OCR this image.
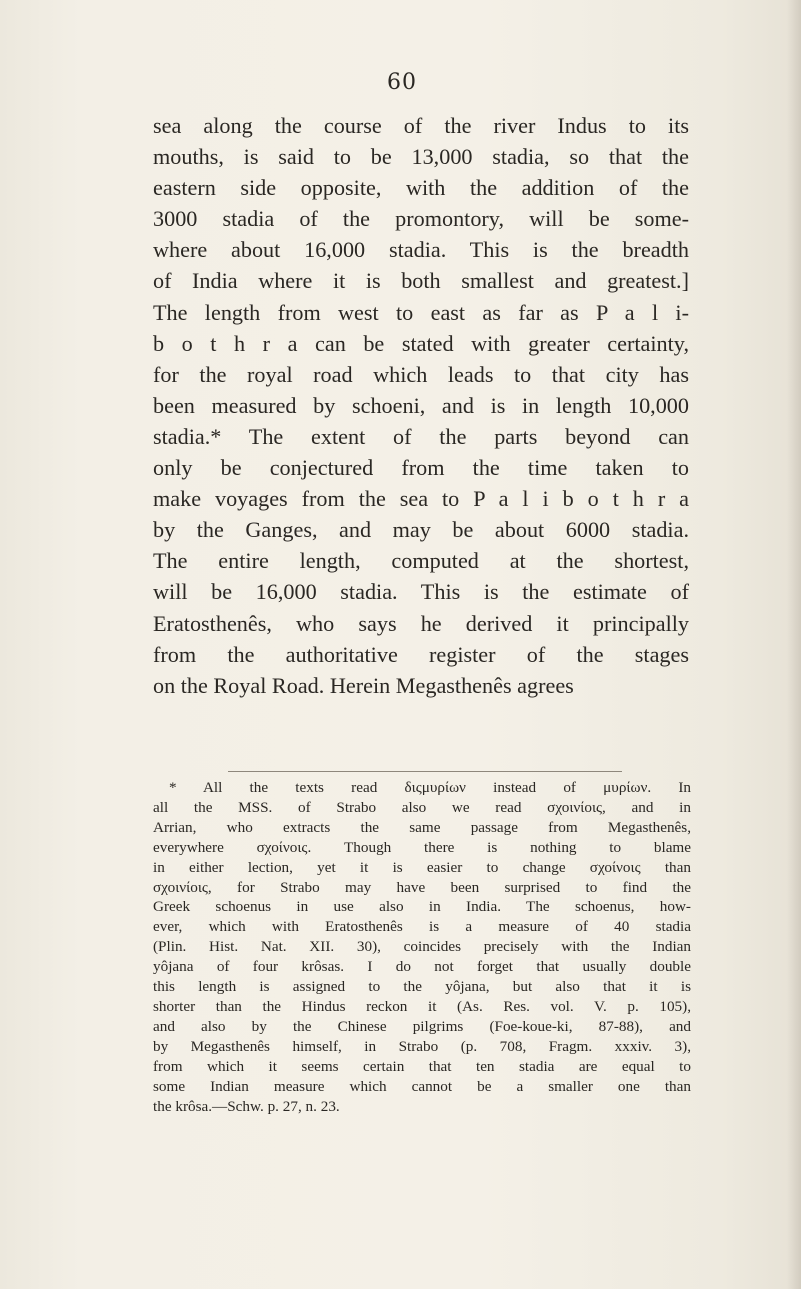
60
sea along the course of the river Indus to its
mouths, is said to be 13,000 stadia, so that the
eastern side opposite, with the addition of the
3000 stadia of the promontory, will be some-
where about 16,000 stadia. This is the breadth
of India where it is both smallest and greatest.]
The length from west to east as far as P a l i-
b o t h r a can be stated with greater certainty,
for the royal road which leads to that city has
been measured by schoeni, and is in length 10,000
stadia.* The extent of the parts beyond can
only be conjectured from the time taken to
make voyages from the sea to P a l i b o t h r a
by the Ganges, and may be about 6000 stadia.
The entire length, computed at the shortest,
will be 16,000 stadia. This is the estimate of
Eratosthenês, who says he derived it principally
from the authoritative register of the stages
on the Royal Road. Herein Megasthenês agrees
* All the texts read διςμυρίων instead of μυρίων. In
all the MSS. of Strabo also we read σχοινίοις, and in
Arrian, who extracts the same passage from Megasthenês,
everywhere σχοίνοις. Though there is nothing to blame
in either lection, yet it is easier to change σχοίνοις than
σχοινίοις, for Strabo may have been surprised to find the
Greek schoenus in use also in India. The schoenus, how-
ever, which with Eratosthenês is a measure of 40 stadia
(Plin. Hist. Nat. XII. 30), coincides precisely with the Indian
yôjana of four krôsas. I do not forget that usually double
this length is assigned to the yôjana, but also that it is
shorter than the Hindus reckon it (As. Res. vol. V. p. 105),
and also by the Chinese pilgrims (Foe-koue-ki, 87-88), and
by Megasthenês himself, in Strabo (p. 708, Fragm. xxxiv. 3),
from which it seems certain that ten stadia are equal to
some Indian measure which cannot be a smaller one than
the krôsa.—Schw. p. 27, n. 23.
